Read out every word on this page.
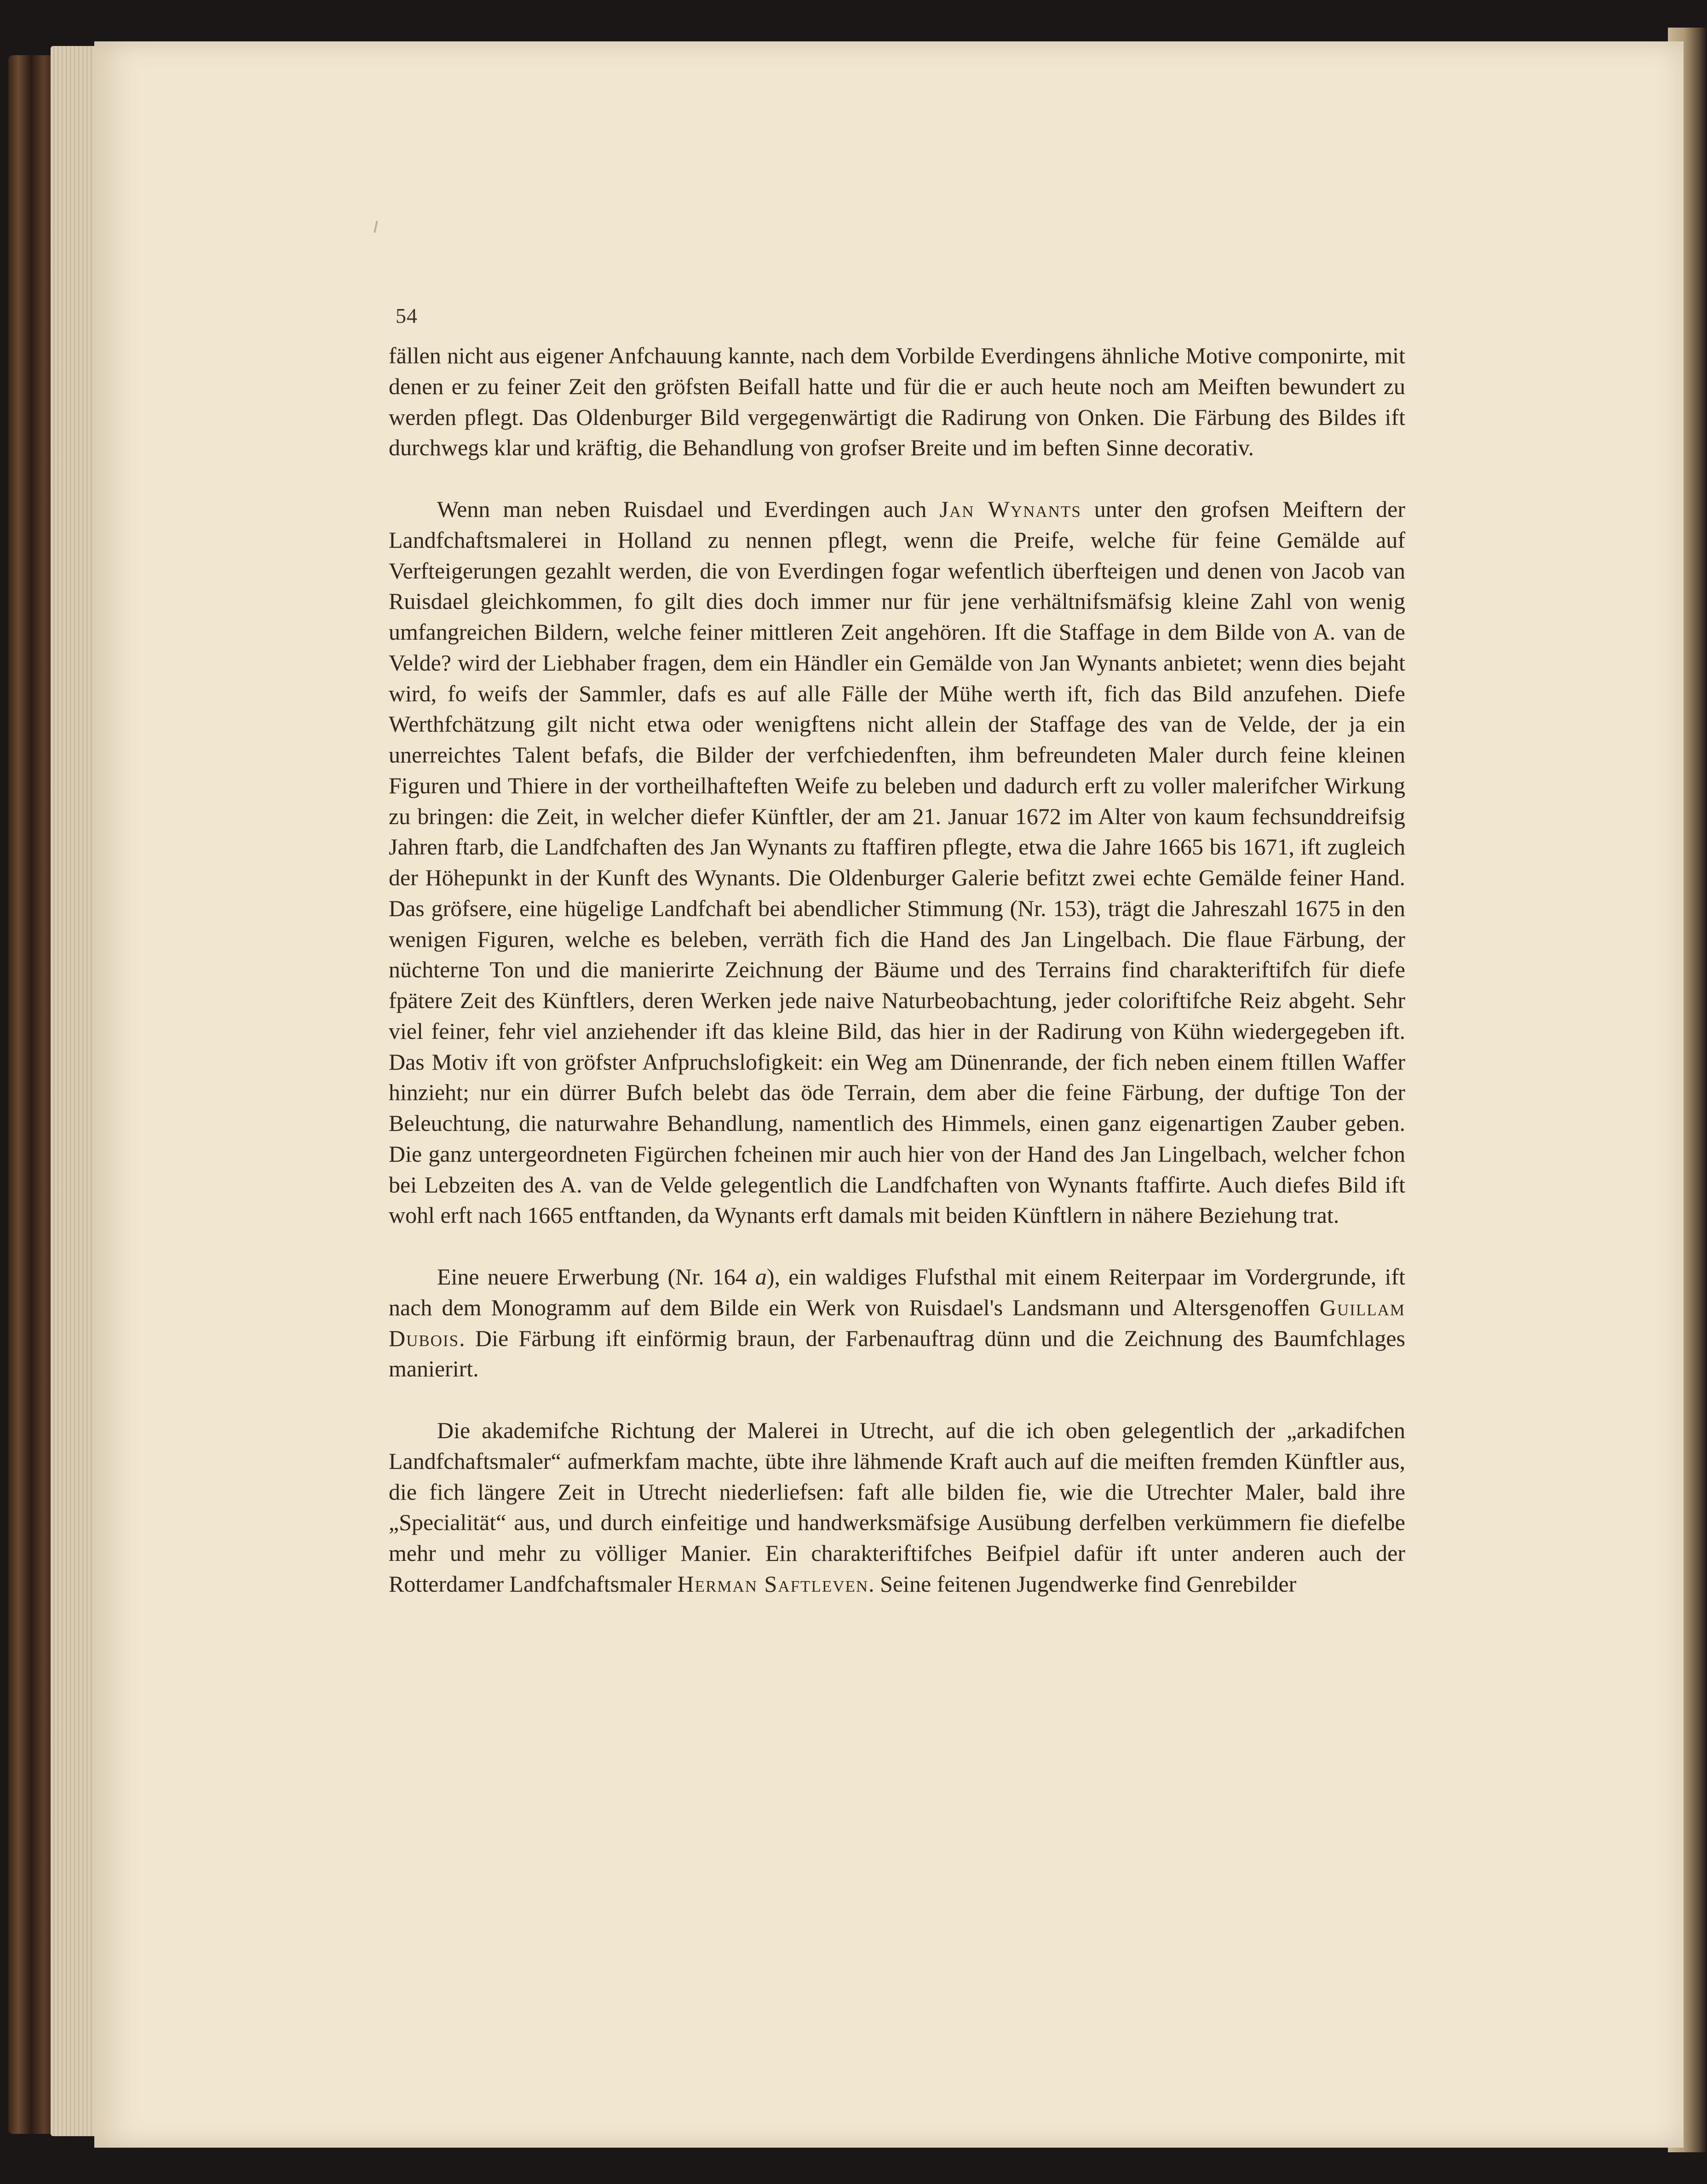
54

fällen nicht aus eigener Anfchauung kannte, nach dem Vorbilde Everdingens ähnliche Motive componirte, mit denen er zu feiner Zeit den gröfsten Beifall hatte und für die er auch heute noch am Meiften bewundert zu werden pflegt. Das Oldenburger Bild vergegenwärtigt die Radirung von Onken. Die Färbung des Bildes ift durchwegs klar und kräftig, die Behandlung von grofser Breite und im beften Sinne decorativ.

Wenn man neben Ruisdael und Everdingen auch Jan Wynants unter den grofsen Meiftern der Landfchaftsmalerei in Holland zu nennen pflegt, wenn die Preife, welche für feine Gemälde auf Verfteigerungen gezahlt werden, die von Everdingen fogar wefentlich überfteigen und denen von Jacob van Ruisdael gleichkommen, fo gilt dies doch immer nur für jene verhältnifsmäfsig kleine Zahl von wenig umfangreichen Bildern, welche feiner mittleren Zeit angehören. Ift die Staffage in dem Bilde von A. van de Velde? wird der Liebhaber fragen, dem ein Händler ein Gemälde von Jan Wynants anbietet; wenn dies bejaht wird, fo weifs der Sammler, dafs es auf alle Fälle der Mühe werth ift, fich das Bild anzufehen. Diefe Werthfchätzung gilt nicht etwa oder wenigftens nicht allein der Staffage des van de Velde, der ja ein unerreichtes Talent befafs, die Bilder der verfchiedenften, ihm befreundeten Maler durch feine kleinen Figuren und Thiere in der vortheilhafteften Weife zu beleben und dadurch erft zu voller malerifcher Wirkung zu bringen: die Zeit, in welcher diefer Künftler, der am 21. Januar 1672 im Alter von kaum fechsunddreifsig Jahren ftarb, die Landfchaften des Jan Wynants zu ftaffiren pflegte, etwa die Jahre 1665 bis 1671, ift zugleich der Höhepunkt in der Kunft des Wynants. Die Oldenburger Galerie befitzt zwei echte Gemälde feiner Hand. Das gröfsere, eine hügelige Landfchaft bei abendlicher Stimmung (Nr. 153), trägt die Jahreszahl 1675 in den wenigen Figuren, welche es beleben, verräth fich die Hand des Jan Lingelbach. Die flaue Färbung, der nüchterne Ton und die manierirte Zeichnung der Bäume und des Terrains find charakteriftifch für diefe fpätere Zeit des Künftlers, deren Werken jede naive Naturbeobachtung, jeder coloriftifche Reiz abgeht. Sehr viel feiner, fehr viel anziehender ift das kleine Bild, das hier in der Radirung von Kühn wiedergegeben ift. Das Motiv ift von gröfster Anfpruchslofigkeit: ein Weg am Dünenrande, der fich neben einem ftillen Waffer hinzieht; nur ein dürrer Bufch belebt das öde Terrain, dem aber die feine Färbung, der duftige Ton der Beleuchtung, die naturwahre Behandlung, namentlich des Himmels, einen ganz eigenartigen Zauber geben. Die ganz untergeordneten Figürchen fcheinen mir auch hier von der Hand des Jan Lingelbach, welcher fchon bei Lebzeiten des A. van de Velde gelegentlich die Landfchaften von Wynants ftaffirte. Auch diefes Bild ift wohl erft nach 1665 entftanden, da Wynants erft damals mit beiden Künftlern in nähere Beziehung trat.

Eine neuere Erwerbung (Nr. 164 a), ein waldiges Flufsthal mit einem Reiterpaar im Vordergrunde, ift nach dem Monogramm auf dem Bilde ein Werk von Ruisdael's Landsmann und Altersgenoffen Guillam Dubois. Die Färbung ift einförmig braun, der Farbenauftrag dünn und die Zeichnung des Baumfchlages manierirt.

Die akademifche Richtung der Malerei in Utrecht, auf die ich oben gelegentlich der „arkadifchen Landfchaftsmaler“ aufmerkfam machte, übte ihre lähmende Kraft auch auf die meiften fremden Künftler aus, die fich längere Zeit in Utrecht niederliefsen: faft alle bilden fie, wie die Utrechter Maler, bald ihre „Specialität“ aus, und durch einfeitige und handwerksmäfsige Ausübung derfelben verkümmern fie diefelbe mehr und mehr zu völliger Manier. Ein charakteriftifches Beifpiel dafür ift unter anderen auch der Rotterdamer Landfchaftsmaler Herman Saftleven. Seine feitenen Jugendwerke find Genrebilder
